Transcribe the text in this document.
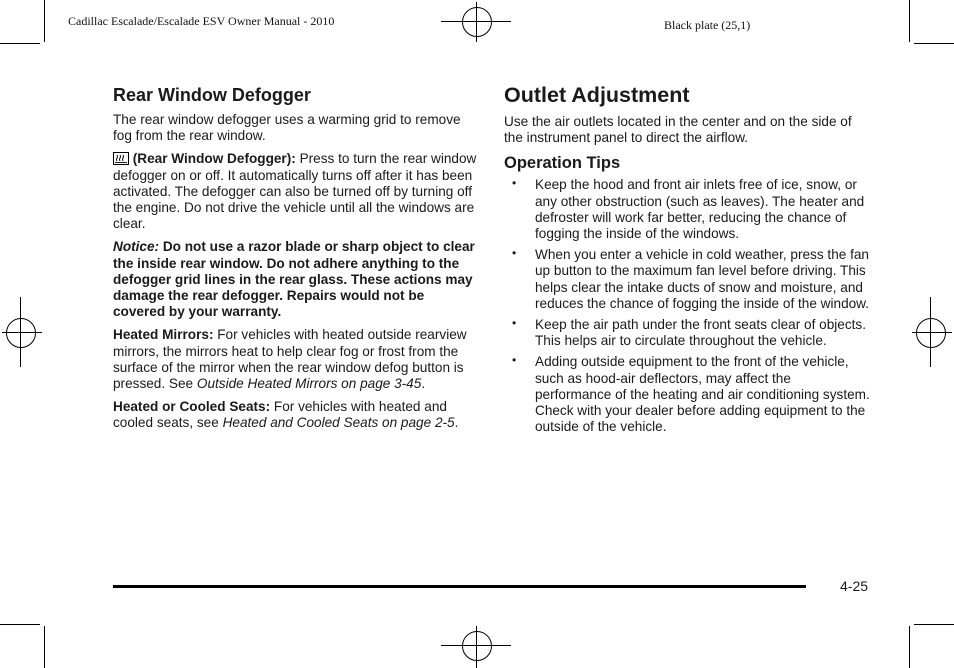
Cadillac Escalade/Escalade ESV Owner Manual - 2010	Black plate (25,1)
Rear Window Defogger

The rear window defogger uses a warming grid to remove fog from the rear window.

(Rear Window Defogger): Press to turn the rear window defogger on or off. It automatically turns off after it has been activated. The defogger can also be turned off by turning off the engine. Do not drive the vehicle until all the windows are clear.

Notice: Do not use a razor blade or sharp object to clear the inside rear window. Do not adhere anything to the defogger grid lines in the rear glass. These actions may damage the rear defogger. Repairs would not be covered by your warranty.

Heated Mirrors: For vehicles with heated outside rearview mirrors, the mirrors heat to help clear fog or frost from the surface of the mirror when the rear window defog button is pressed. See Outside Heated Mirrors on page 3-45.

Heated or Cooled Seats: For vehicles with heated and cooled seats, see Heated and Cooled Seats on page 2-5.

Outlet Adjustment

Use the air outlets located in the center and on the side of the instrument panel to direct the airflow.

Operation Tips
• Keep the hood and front air inlets free of ice, snow, or any other obstruction (such as leaves). The heater and defroster will work far better, reducing the chance of fogging the inside of the windows.
• When you enter a vehicle in cold weather, press the fan up button to the maximum fan level before driving. This helps clear the intake ducts of snow and moisture, and reduces the chance of fogging the inside of the window.
• Keep the air path under the front seats clear of objects. This helps air to circulate throughout the vehicle.
• Adding outside equipment to the front of the vehicle, such as hood-air deflectors, may affect the performance of the heating and air conditioning system. Check with your dealer before adding equipment to the outside of the vehicle.
4-25
